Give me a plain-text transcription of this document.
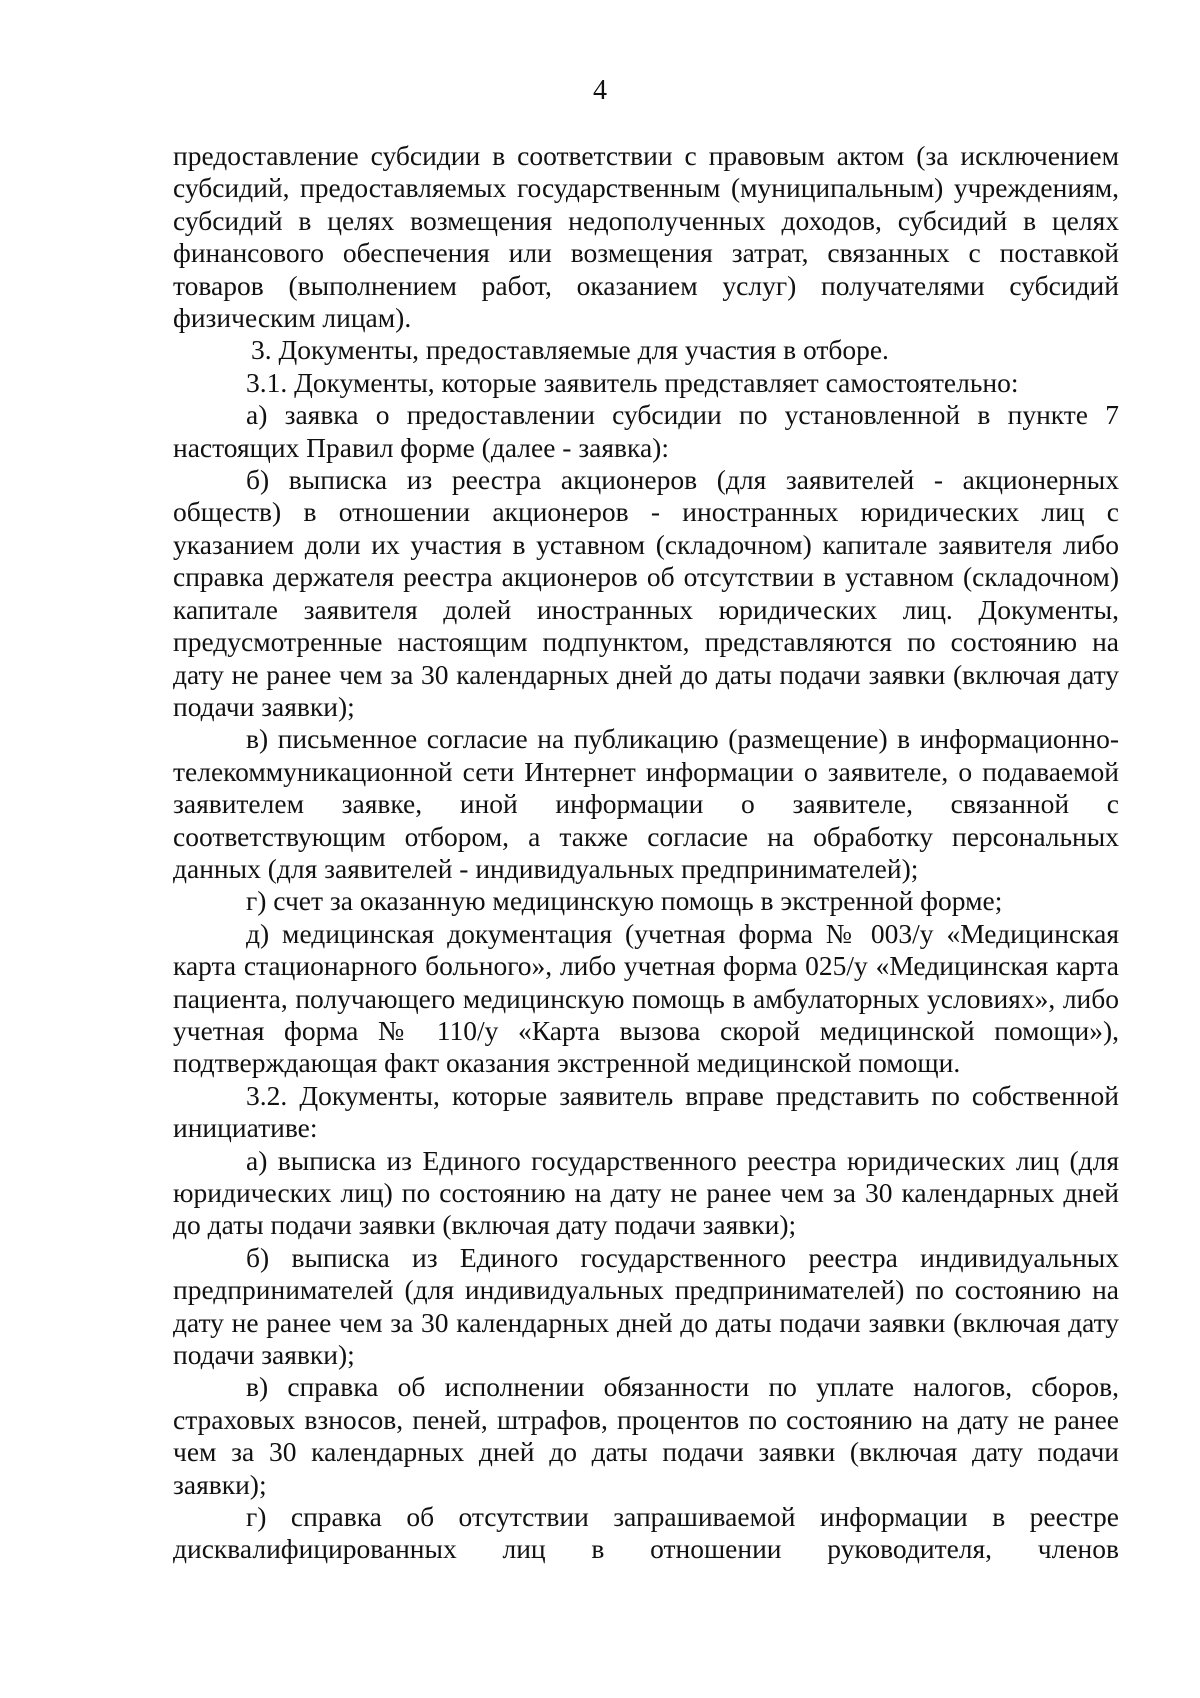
4

предоставление субсидии в соответствии с правовым актом (за исключением субсидий, предоставляемых государственным (муниципальным) учреждениям, субсидий в целях возмещения недополученных доходов, субсидий в целях финансового обеспечения или возмещения затрат, связанных с поставкой товаров (выполнением работ, оказанием услуг) получателями субсидий физическим лицам).

3. Документы, предоставляемые для участия в отборе.

3.1. Документы, которые заявитель представляет самостоятельно:

а) заявка о предоставлении субсидии по установленной в пункте 7 настоящих Правил форме (далее - заявка):

б) выписка из реестра акционеров (для заявителей - акционерных обществ) в отношении акционеров - иностранных юридических лиц с указанием доли их участия в уставном (складочном) капитале заявителя либо справка держателя реестра акционеров об отсутствии в уставном (складочном) капитале заявителя долей иностранных юридических лиц. Документы, предусмотренные настоящим подпунктом, представляются по состоянию на дату не ранее чем за 30 календарных дней до даты подачи заявки (включая дату подачи заявки);

в) письменное согласие на публикацию (размещение) в информационно-телекоммуникационной сети Интернет информации о заявителе, о подаваемой заявителем заявке, иной информации о заявителе, связанной с соответствующим отбором, а также согласие на обработку персональных данных (для заявителей - индивидуальных предпринимателей);

г) счет за оказанную медицинскую помощь в экстренной форме;

д) медицинская документация (учетная форма № 003/у «Медицинская карта стационарного больного», либо учетная форма 025/у «Медицинская карта пациента, получающего медицинскую помощь в амбулаторных условиях», либо учетная форма № 110/у «Карта вызова скорой медицинской помощи»), подтверждающая факт оказания экстренной медицинской помощи.

3.2. Документы, которые заявитель вправе представить по собственной инициативе:

а) выписка из Единого государственного реестра юридических лиц (для юридических лиц) по состоянию на дату не ранее чем за 30 календарных дней до даты подачи заявки (включая дату подачи заявки);

б) выписка из Единого государственного реестра индивидуальных предпринимателей (для индивидуальных предпринимателей) по состоянию на дату не ранее чем за 30 календарных дней до даты подачи заявки (включая дату подачи заявки);

в) справка об исполнении обязанности по уплате налогов, сборов, страховых взносов, пеней, штрафов, процентов по состоянию на дату не ранее чем за 30 календарных дней до даты подачи заявки (включая дату подачи заявки);

г) справка об отсутствии запрашиваемой информации в реестре дисквалифицированных лиц в отношении руководителя, членов
